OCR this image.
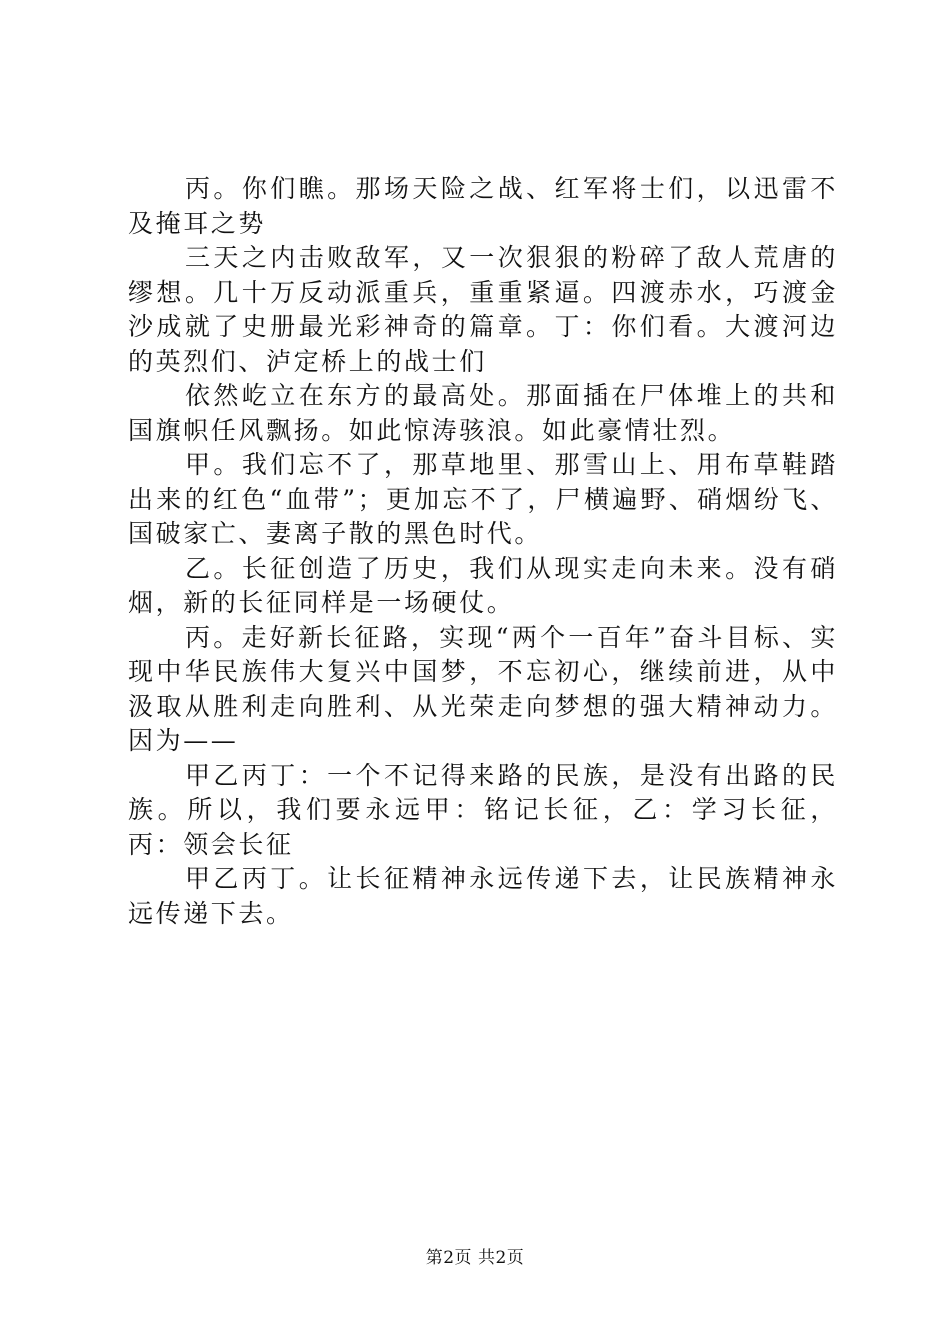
丙。你们瞧。那场天险之战、红军将士们，以迅雷不及掩耳之势

三天之内击败敌军，又一次狠狠的粉碎了敌人荒唐的缪想。几十万反动派重兵，重重紧逼。四渡赤水，巧渡金沙成就了史册最光彩神奇的篇章。丁：你们看。大渡河边的英烈们、泸定桥上的战士们

依然屹立在东方的最高处。那面插在尸体堆上的共和国旗帜任风飘扬。如此惊涛骇浪。如此豪情壮烈。

甲。我们忘不了，那草地里、那雪山上、用布草鞋踏出来的红色“血带”；更加忘不了，尸横遍野、硝烟纷飞、国破家亡、妻离子散的黑色时代。

乙。长征创造了历史，我们从现实走向未来。没有硝烟，新的长征同样是一场硬仗。

丙。走好新长征路，实现“两个一百年”奋斗目标、实现中华民族伟大复兴中国梦，不忘初心，继续前进，从中汲取从胜利走向胜利、从光荣走向梦想的强大精神动力。因为——

甲乙丙丁：一个不记得来路的民族，是没有出路的民族。所以，我们要永远甲：铭记长征，乙：学习长征，丙：领会长征

甲乙丙丁。让长征精神永远传递下去，让民族精神永远传递下去。

第2页 共2页
